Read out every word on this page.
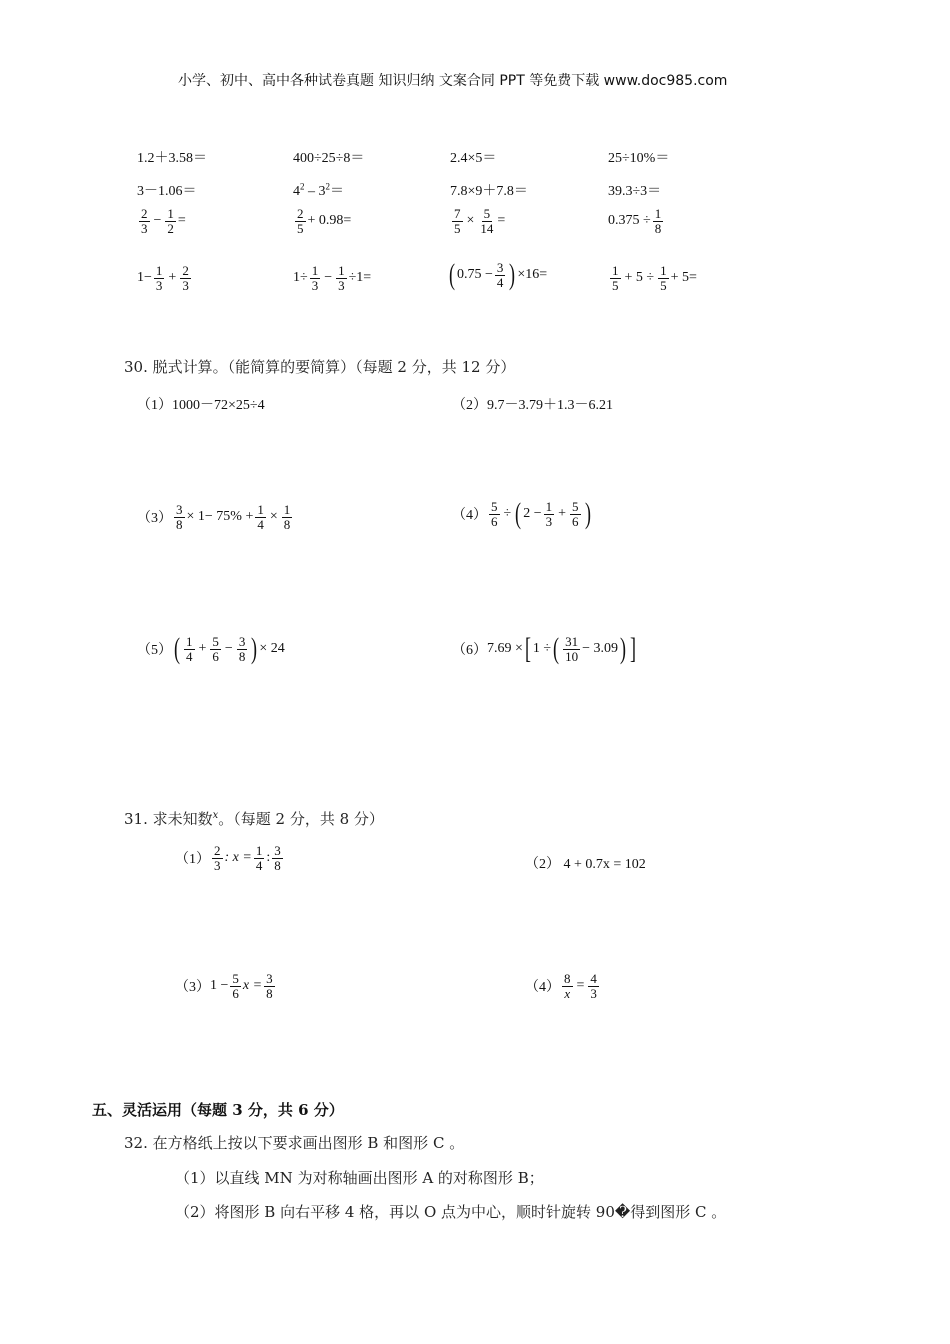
小学、初中、高中各种试卷真题 知识归纳 文案合同 PPT 等免费下载 www.doc985.com
1.2＋3.58＝	400÷25÷8＝	2.4×5＝	25÷10%＝
3－1.06＝	$4^2 - 3^2=$	7.8×9＋7.8＝	39.3÷3＝
$\frac{2}{3} - \frac{1}{2}$ =	$\frac{2}{5} + 0.98=$	$\frac{7}{5} \times \frac{5}{14}$ =	$0.375 \div \frac{1}{8}$
$1- \frac{1}{3} + \frac{2}{3}$	$1\div \frac{1}{3} - \frac{1}{3} \div 1=$	( $0.75 - \frac{3}{4}$ ) ×16=	$\frac{1}{5} + 5 \div \frac{1}{5} + 5=$
30. 脱式计算。（能简算的要简算）（每题 2 分，共 12 分）
（1）1000－72×25÷4	（2）9.7－3.79＋1.3－6.21
$(3) \frac{3}{8} \times 1- 75\% + \frac{1}{4} \times \frac{1}{8}$	$(4) \frac{5}{6}$ ÷ ( $2 - \frac{1}{3} + \frac{5}{6}$ )
（5） ( $\frac{1}{4} + \frac{5}{6} - \frac{3}{8}$ ) × 24	（6） 7.69 × [ 1 ÷ ( $\frac{31}{10} - 3.09$ ) ]
31. 求未知数$^x$。（每题 2 分，共 8 分）
$(1) \frac{2}{3}$ : $x = \frac{1}{4}$ : $\frac{3}{8}$	（2） 4 + 0.7x = 102
（3） $1 - \frac{5}{6}$ $x = \frac{3}{8}$	$(4) \frac{8}{x} = \frac{4}{3}$
五、灵活运用（每题 3 分，共 6 分）
32. 在方格纸上按以下要求画出图形 B 和图形 C 。
（1）以直线 MN 为对称轴画出图形 A 的对称图形 B；
（2）将图形 B 向右平移 4 格，再以 O 点为中心，顺时针旋转 90�得到图形 C 。
